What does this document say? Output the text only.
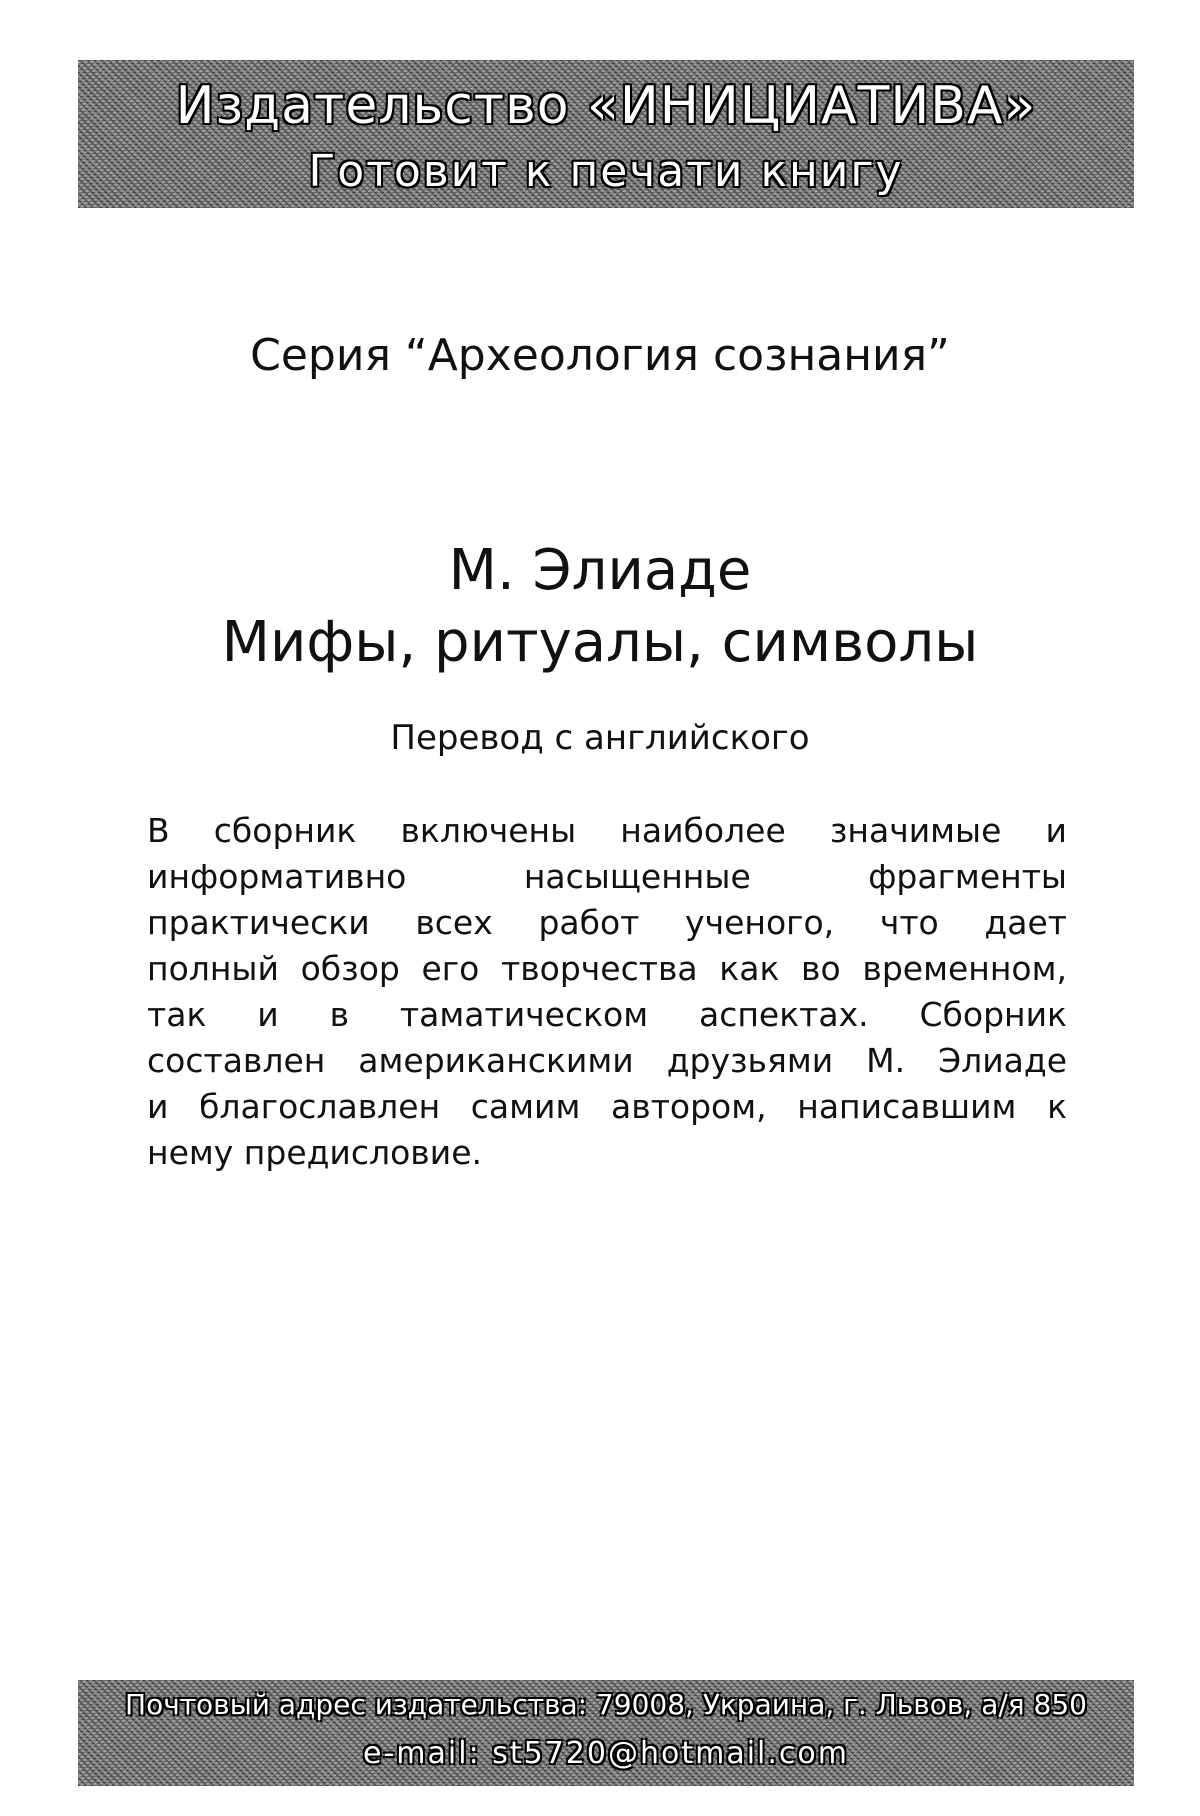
Издательство «ИНИЦИАТИВА»
Готовит к печати книгу
Серия “Археология сознания”
М. Элиаде
Мифы, ритуалы, символы
Перевод с английского

В сборник включены наиболее значимые и
информативно насыщенные фрагменты
практически всех работ ученого, что дает
полный обзор его творчества как во временном,
так и в таматическом аспектах. Сборник
составлен американскими друзьями М. Элиаде
и благославлен самим автором, написавшим к
нему предисловие.

Почтовый адрес издательства: 79008, Украина, г. Львов, а/я 850
e-mail: st5720@hotmail.com
